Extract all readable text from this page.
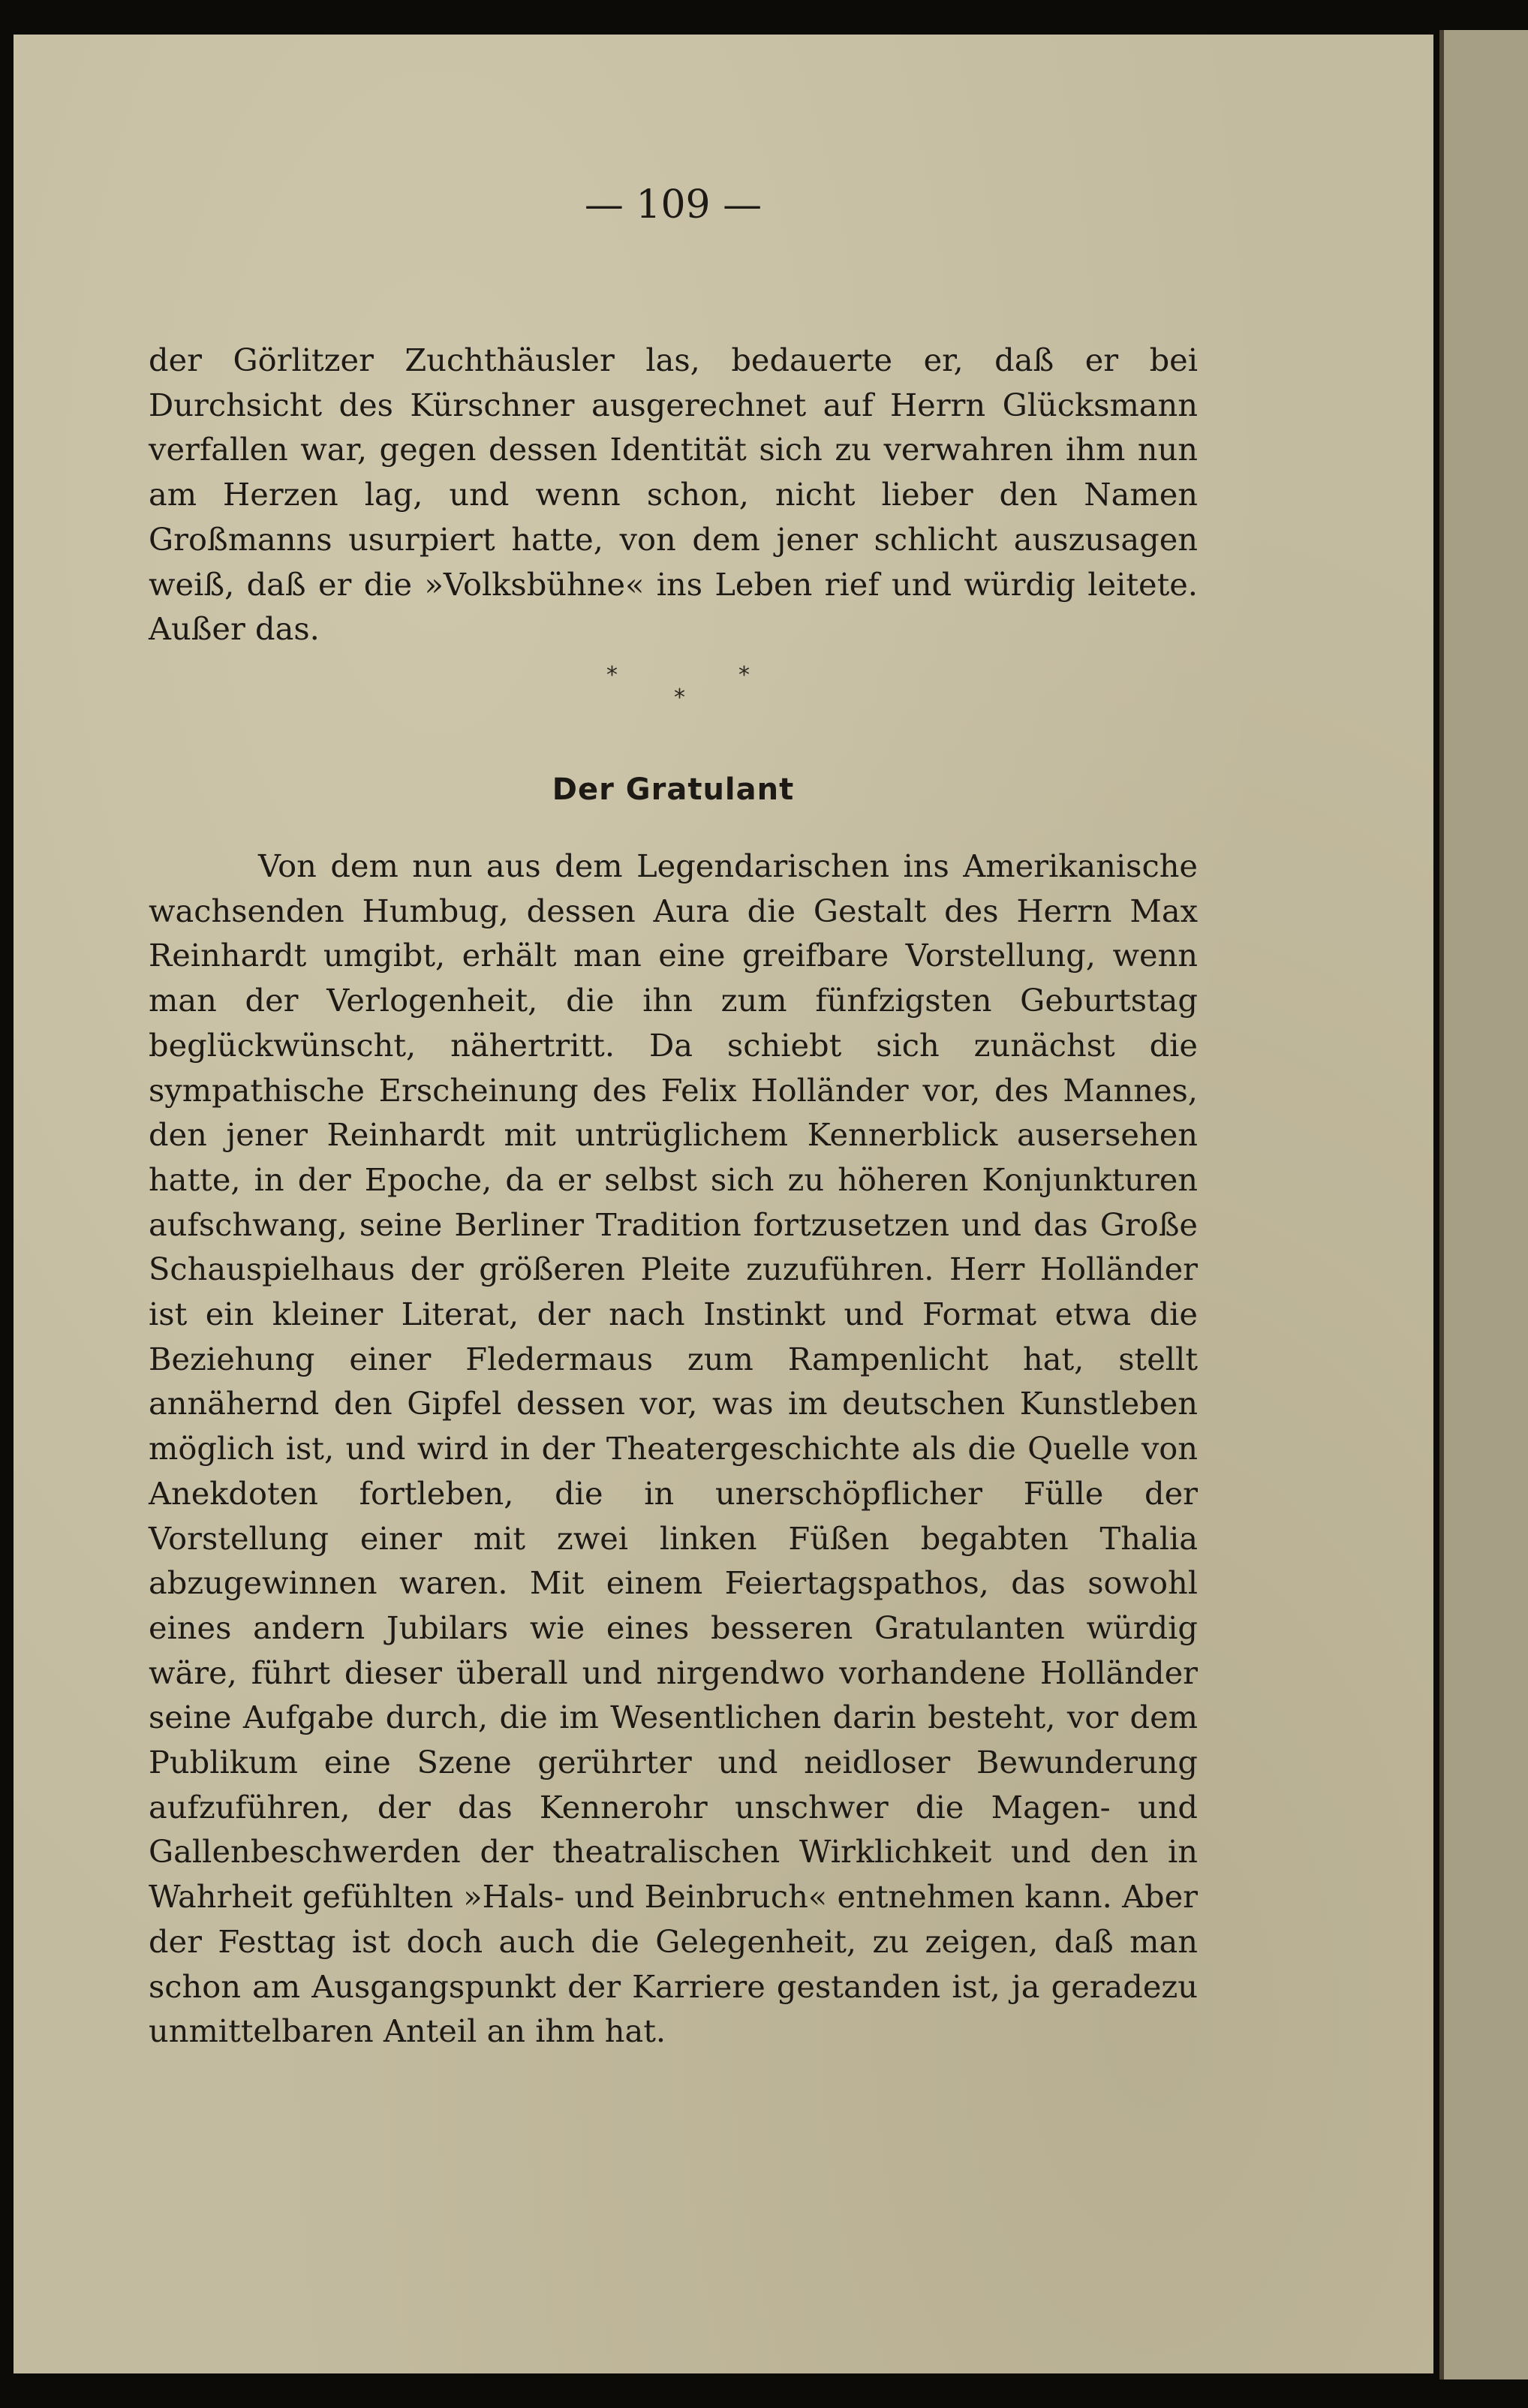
— 109 —

der Görlitzer Zuchthäusler las, bedauerte er, daß er bei Durchsicht des Kürschner ausgerechnet auf Herrn Glücksmann verfallen war, gegen dessen Identität sich zu verwahren ihm nun am Herzen lag, und wenn schon, nicht lieber den Namen Großmanns usurpiert hatte, von dem jener schlicht auszusagen weiß, daß er die »Volksbühne« ins Leben rief und würdig leitete. Außer das.

*	*
*
Der Gratulant

Von dem nun aus dem Legendarischen ins Amerikanische wachsenden Humbug, dessen Aura die Gestalt des Herrn Max Reinhardt umgibt, erhält man eine greifbare Vorstellung, wenn man der Verlogenheit, die ihn zum fünfzigsten Geburtstag beglückwünscht, nähertritt. Da schiebt sich zunächst die sympathische Erscheinung des Felix Holländer vor, des Mannes, den jener Reinhardt mit untrüglichem Kennerblick ausersehen hatte, in der Epoche, da er selbst sich zu höheren Konjunkturen aufschwang, seine Berliner Tradition fortzusetzen und das Große Schauspielhaus der größeren Pleite zuzuführen. Herr Holländer ist ein kleiner Literat, der nach Instinkt und Format etwa die Beziehung einer Fledermaus zum Rampenlicht hat, stellt annähernd den Gipfel dessen vor, was im deutschen Kunstleben möglich ist, und wird in der Theatergeschichte als die Quelle von Anekdoten fortleben, die in unerschöpflicher Fülle der Vorstellung einer mit zwei linken Füßen begabten Thalia abzugewinnen waren. Mit einem Feiertagspathos, das sowohl eines andern Jubilars wie eines besseren Gratulanten würdig wäre, führt dieser überall und nirgendwo vorhandene Holländer seine Aufgabe durch, die im Wesentlichen darin besteht, vor dem Publikum eine Szene gerührter und neidloser Bewunderung aufzuführen, der das Kennerohr unschwer die Magen- und Gallenbeschwerden der theatralischen Wirklichkeit und den in Wahrheit gefühlten »Hals- und Beinbruch« entnehmen kann. Aber der Festtag ist doch auch die Gelegenheit, zu zeigen, daß man schon am Ausgangspunkt der Karriere gestanden ist, ja geradezu unmittelbaren Anteil an ihm hat.
